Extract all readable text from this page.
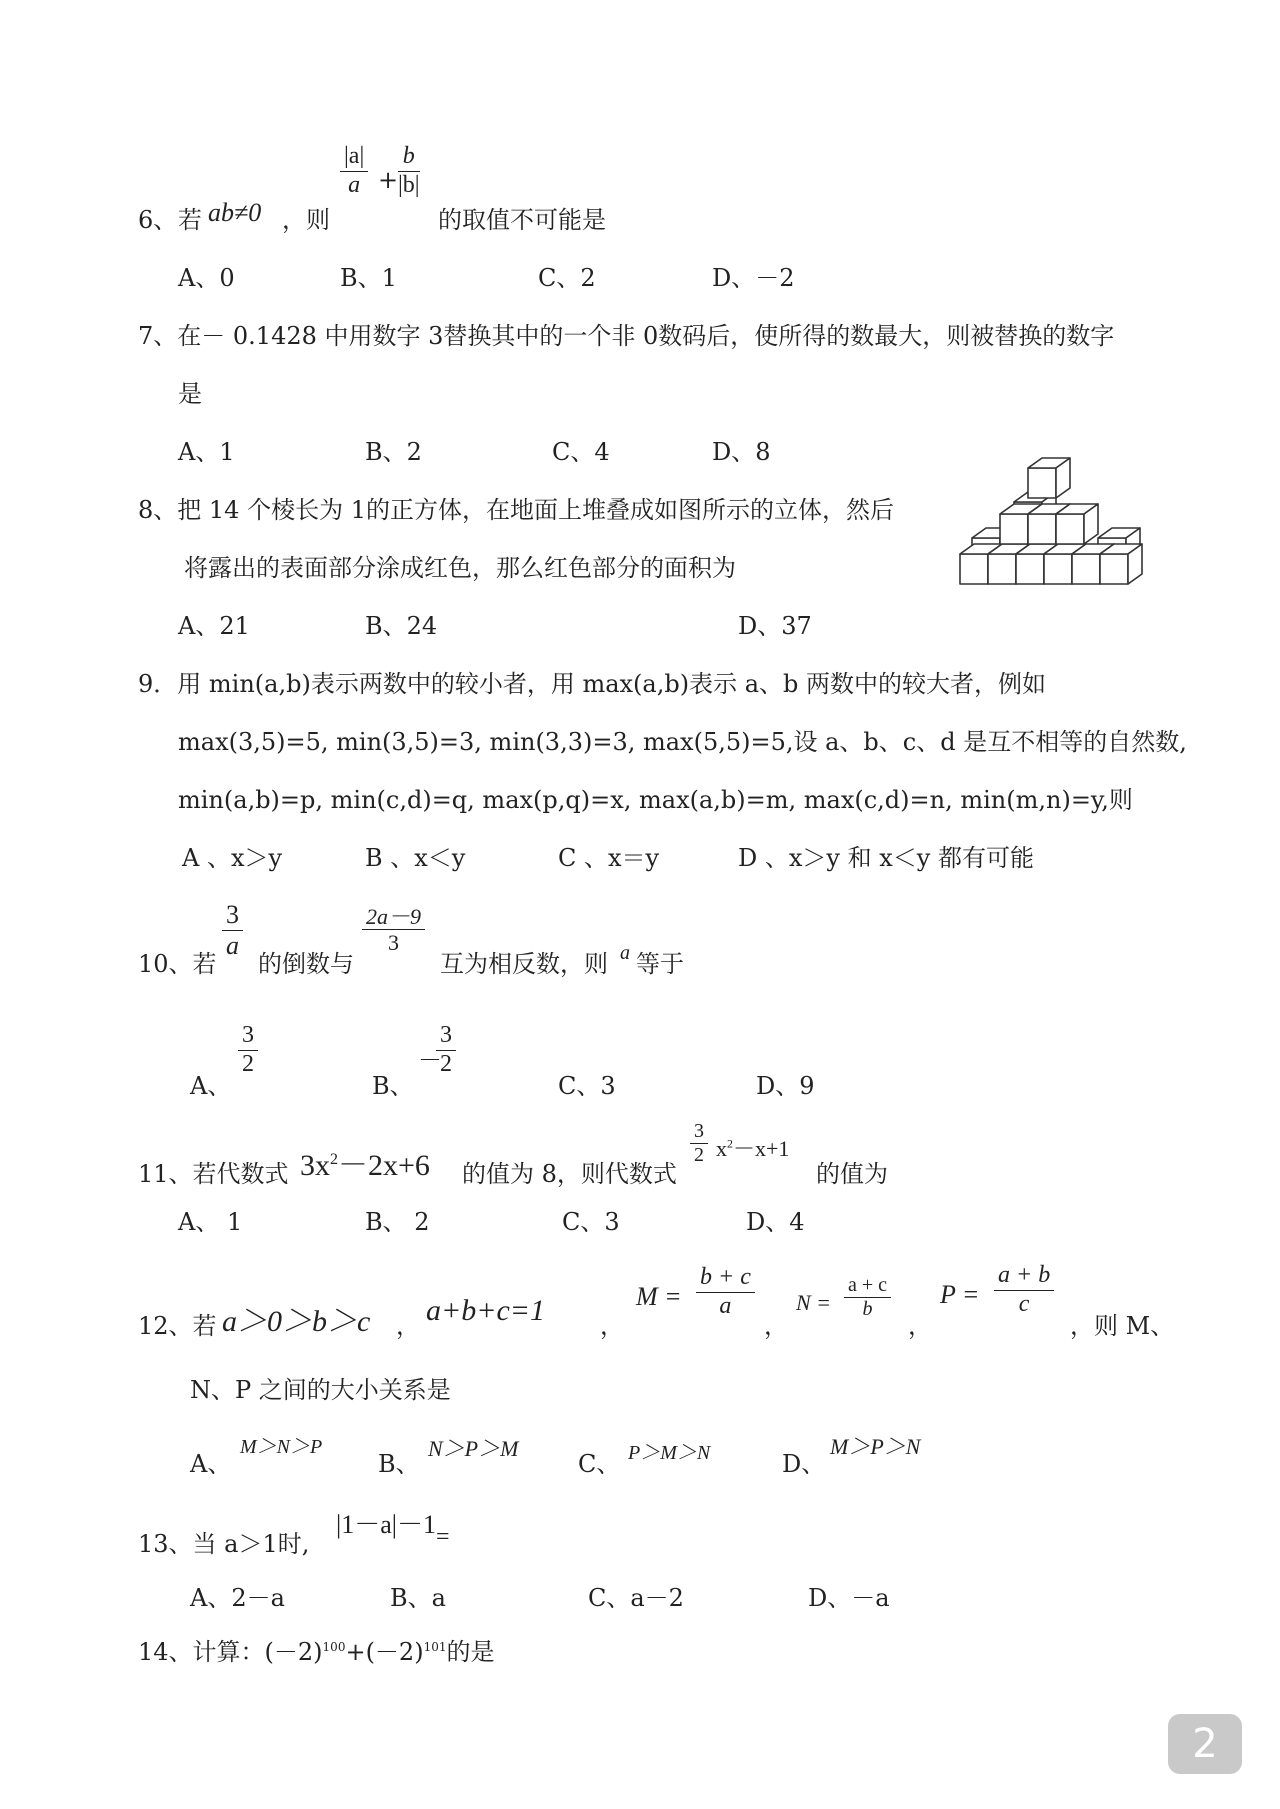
6、 若 ab≠0 ，则
$\frac{|a|}{a} + \frac{b}{|b|}$
的取值不可能是
A、0	B、1	C、2	D、－2
7、在－ 0.1428 中用数字 3替换其中的一个非 0数码后，使所得的数最大，则被替换的数字
是
A、1	B、2	C、4	D、8
8、把 14 个棱长为 1的正方体，在地面上堆叠成如图所示的立体，然后
将露出的表面部分涂成红色，那么红色部分的面积为
A、21	B、24	D、37
9．用 min(a,b)表示两数中的较小者，用 max(a,b)表示 a、b 两数中的较大者，例如
max(3,5)=5, min(3,5)=3, min(3,3)=3, max(5,5)=5,设 a、b、c、d 是互不相等的自然数,
min(a,b)=p, min(c,d)=q, max(p,q)=x, max(a,b)=m, max(c,d)=n, min(m,n)=y,则
A 、x＞y	B 、x＜y	C 、x＝y	D 、x＞y 和 x＜y 都有可能
10、若
$\frac{3}{a}$
的倒数与
$\frac{2a-9}{3}$
互为相反数，则 a 等于
A、
$\frac{3}{2}$
B、
－
$\frac{3}{2}$
C、3	D、9
11、若代数式 $3x^2-2x+6$ 的值为 8，则代数式
$\frac{3}{2} x^2-x+1$
的值为
A、 1	B、 2	C、3	D、4
12、若 a＞0＞b＞c ， a+b+c=1 ，
$M = \frac{b + c}{a}$
，
$N = \frac{a + c}{b}$
，
$P = \frac{a + b}{c}$
，则 M、
N、P 之间的大小关系是
A、
M＞N＞P
B、
N＞P＞M
C、 P＞M＞N	D、
M＞P＞N
13、当 a＞1时,
|1－a|－1 =
A、2－a	B、a	C、a－2	D、－a
14、计算：$(-2)^{100}+(-2)^{101}$的是
2
